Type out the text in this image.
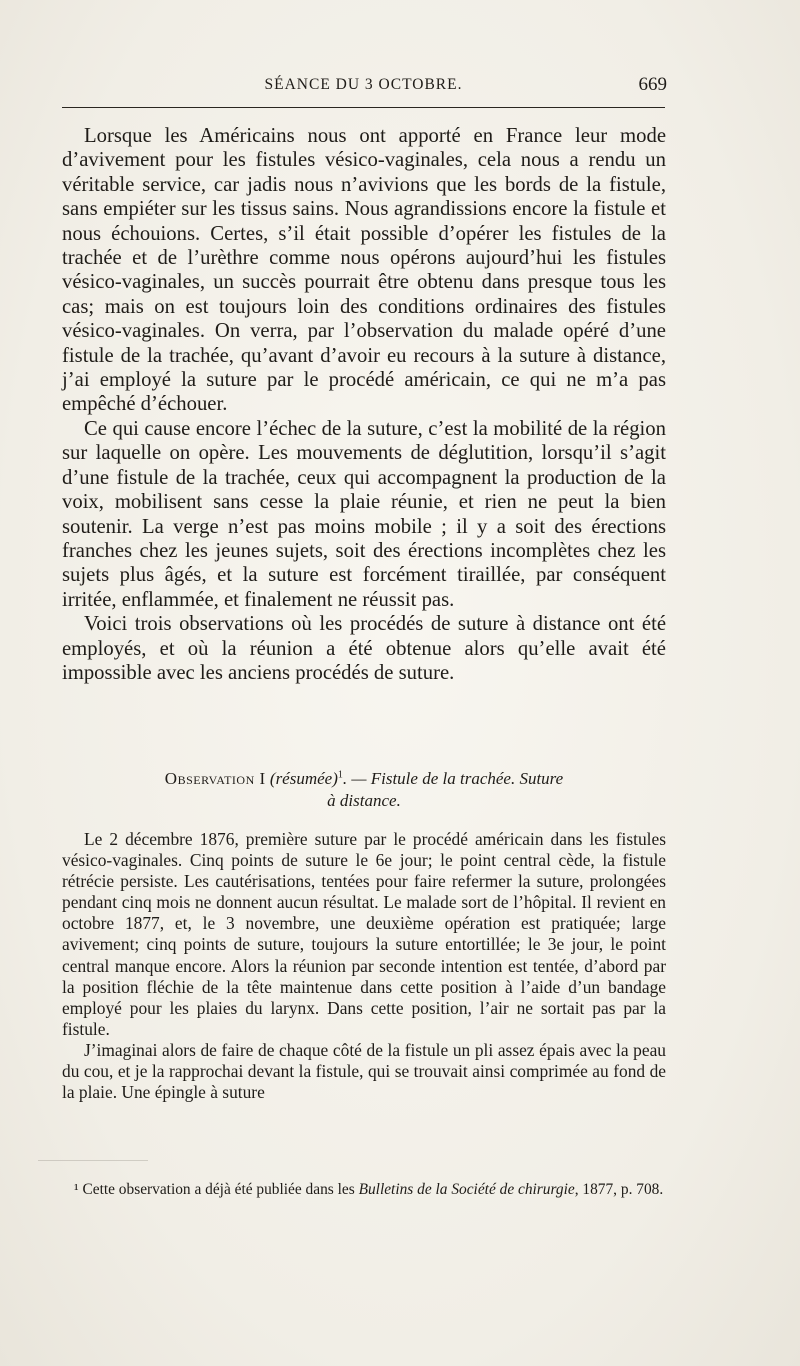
SÉANCE DU 3 OCTOBRE.	669

Lorsque les Américains nous ont apporté en France leur mode d’avivement pour les fistules vésico-vaginales, cela nous a rendu un véritable service, car jadis nous n’avivions que les bords de la fistule, sans empiéter sur les tissus sains. Nous agrandissions encore la fistule et nous échouions. Certes, s’il était possible d’opérer les fistules de la trachée et de l’urèthre comme nous opérons aujourd’hui les fistules vésico-vaginales, un succès pourrait être obtenu dans presque tous les cas; mais on est toujours loin des conditions ordinaires des fistules vésico-vaginales. On verra, par l’observation du malade opéré d’une fistule de la trachée, qu’avant d’avoir eu recours à la suture à distance, j’ai employé la suture par le procédé américain, ce qui ne m’a pas empêché d’échouer.

Ce qui cause encore l’échec de la suture, c’est la mobilité de la région sur laquelle on opère. Les mouvements de déglutition, lorsqu’il s’agit d’une fistule de la trachée, ceux qui accompagnent la production de la voix, mobilisent sans cesse la plaie réunie, et rien ne peut la bien soutenir. La verge n’est pas moins mobile ; il y a soit des érections franches chez les jeunes sujets, soit des érections incomplètes chez les sujets plus âgés, et la suture est forcément tiraillée, par conséquent irritée, enflammée, et finalement ne réussit pas.

Voici trois observations où les procédés de suture à distance ont été employés, et où la réunion a été obtenue alors qu’elle avait été impossible avec les anciens procédés de suture.

Observation I (résumée)$^1$. — Fistule de la trachée. Suture
à distance.

Le 2 décembre 1876, première suture par le procédé américain dans les fistules vésico-vaginales. Cinq points de suture le 6e jour; le point central cède, la fistule rétrécie persiste. Les cautérisations, tentées pour faire refermer la suture, prolongées pendant cinq mois ne donnent aucun résultat. Le malade sort de l’hôpital. Il revient en octobre 1877, et, le 3 novembre, une deuxième opération est pratiquée; large avivement; cinq points de suture, toujours la suture entortillée; le 3e jour, le point central manque encore. Alors la réunion par seconde intention est tentée, d’abord par la position fléchie de la tête maintenue dans cette position à l’aide d’un bandage employé pour les plaies du larynx. Dans cette position, l’air ne sortait pas par la fistule.

J’imaginai alors de faire de chaque côté de la fistule un pli assez épais avec la peau du cou, et je la rapprochai devant la fistule, qui se trouvait ainsi comprimée au fond de la plaie. Une épingle à suture

¹ Cette observation a déjà été publiée dans les Bulletins de la Société de chirurgie, 1877, p. 708.
